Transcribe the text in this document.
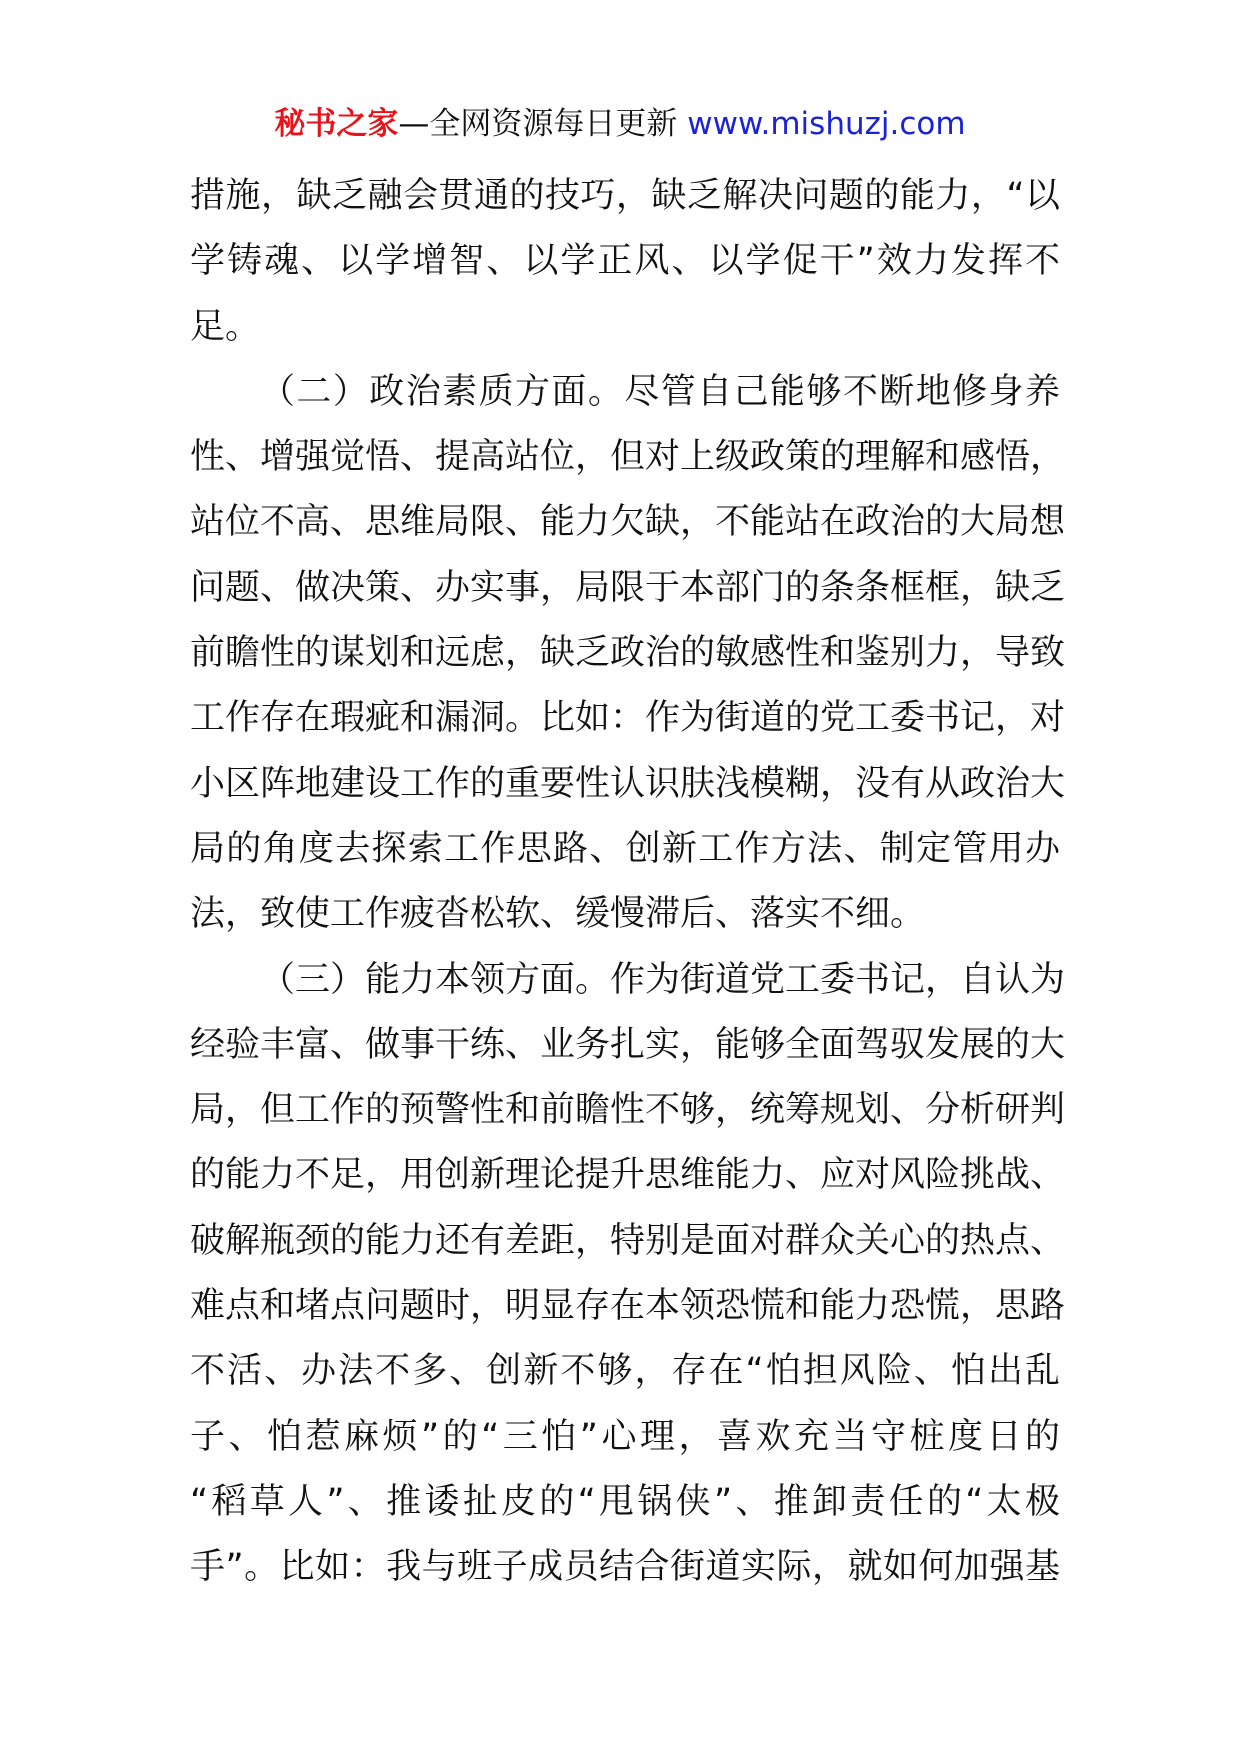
秘书之家—全网资源每日更新 www.mishuzj.com
措施，缺乏融会贯通的技巧，缺乏解决问题的能力，“以
学铸魂、以学增智、以学正风、以学促干”效力发挥不
足。
（二）政治素质方面。尽管自己能够不断地修身养
性、增强觉悟、提高站位，但对上级政策的理解和感悟，
站位不高、思维局限、能力欠缺，不能站在政治的大局想
问题、做决策、办实事，局限于本部门的条条框框，缺乏
前瞻性的谋划和远虑，缺乏政治的敏感性和鉴别力，导致
工作存在瑕疵和漏洞。比如：作为街道的党工委书记，对
小区阵地建设工作的重要性认识肤浅模糊，没有从政治大
局的角度去探索工作思路、创新工作方法、制定管用办
法，致使工作疲沓松软、缓慢滞后、落实不细。
（三）能力本领方面。作为街道党工委书记，自认为
经验丰富、做事干练、业务扎实，能够全面驾驭发展的大
局，但工作的预警性和前瞻性不够，统筹规划、分析研判
的能力不足，用创新理论提升思维能力、应对风险挑战、
破解瓶颈的能力还有差距，特别是面对群众关心的热点、
难点和堵点问题时，明显存在本领恐慌和能力恐慌，思路
不活、办法不多、创新不够，存在“怕担风险、怕出乱
子、怕惹麻烦”的“三怕”心理，喜欢充当守桩度日的
“稻草人”、推诿扯皮的“甩锅侠”、推卸责任的“太极
手”。比如：我与班子成员结合街道实际，就如何加强基
